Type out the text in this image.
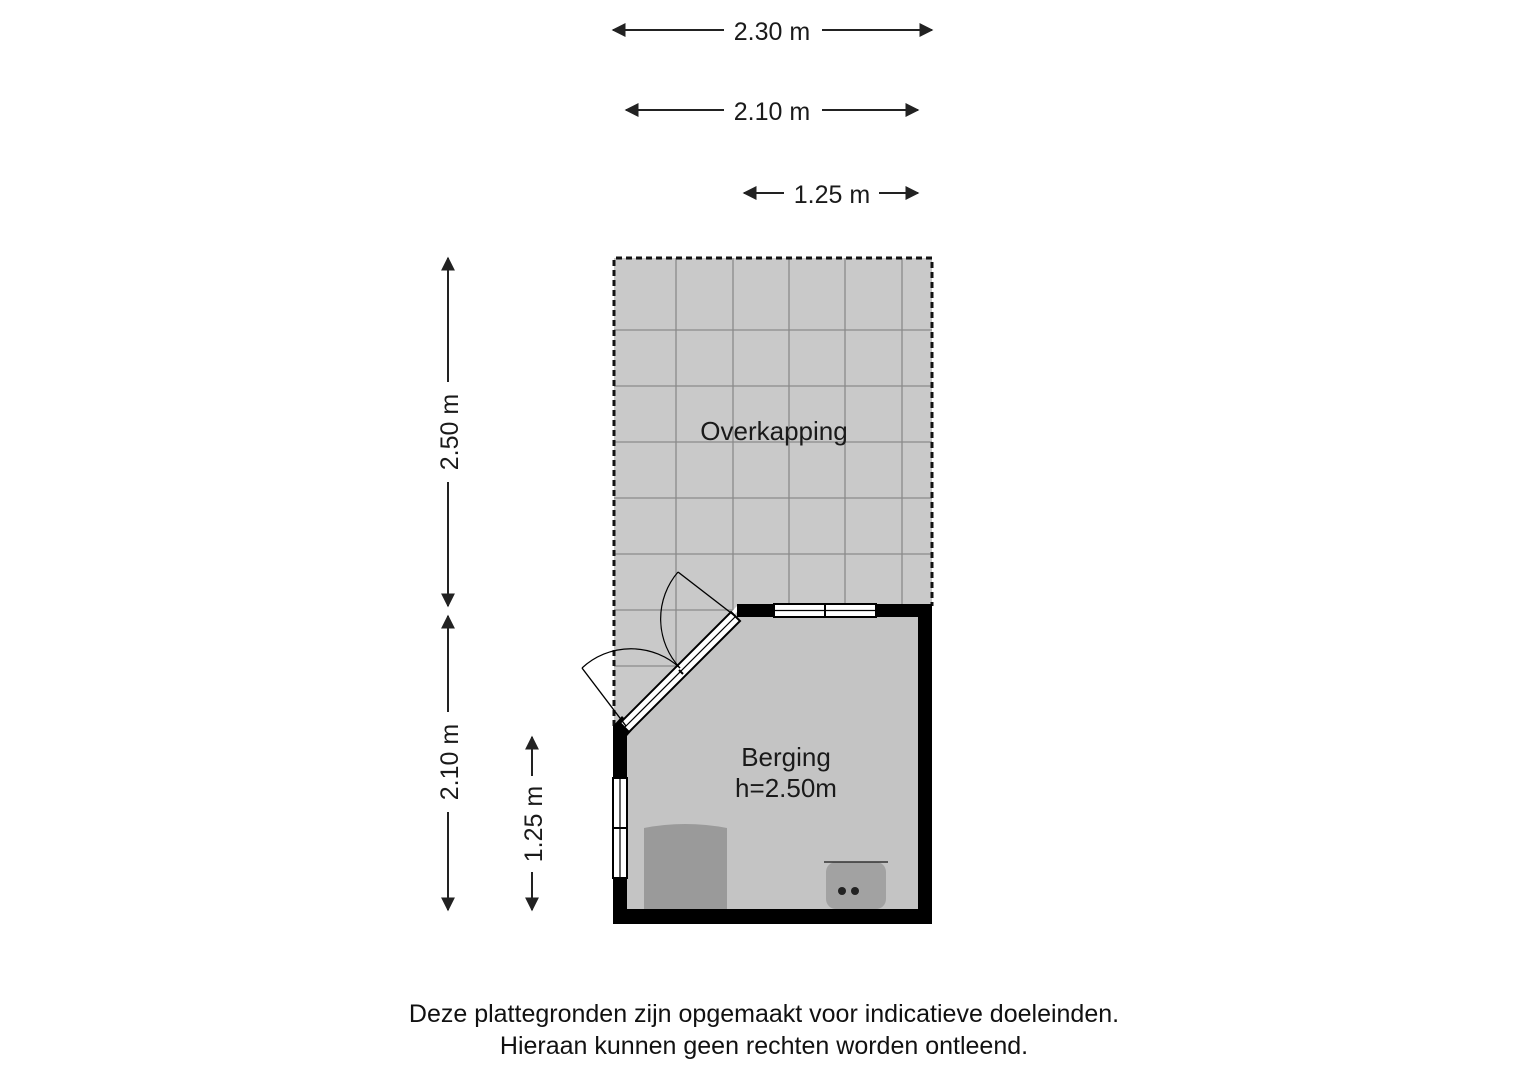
Overkapping
Berging
h=2.50m
2.30 m
2.10 m
1.25 m
2.50 m
2.10 m
1.25 m
Deze plattegronden zijn opgemaakt voor indicatieve doeleinden.
Hieraan kunnen geen rechten worden ontleend.
